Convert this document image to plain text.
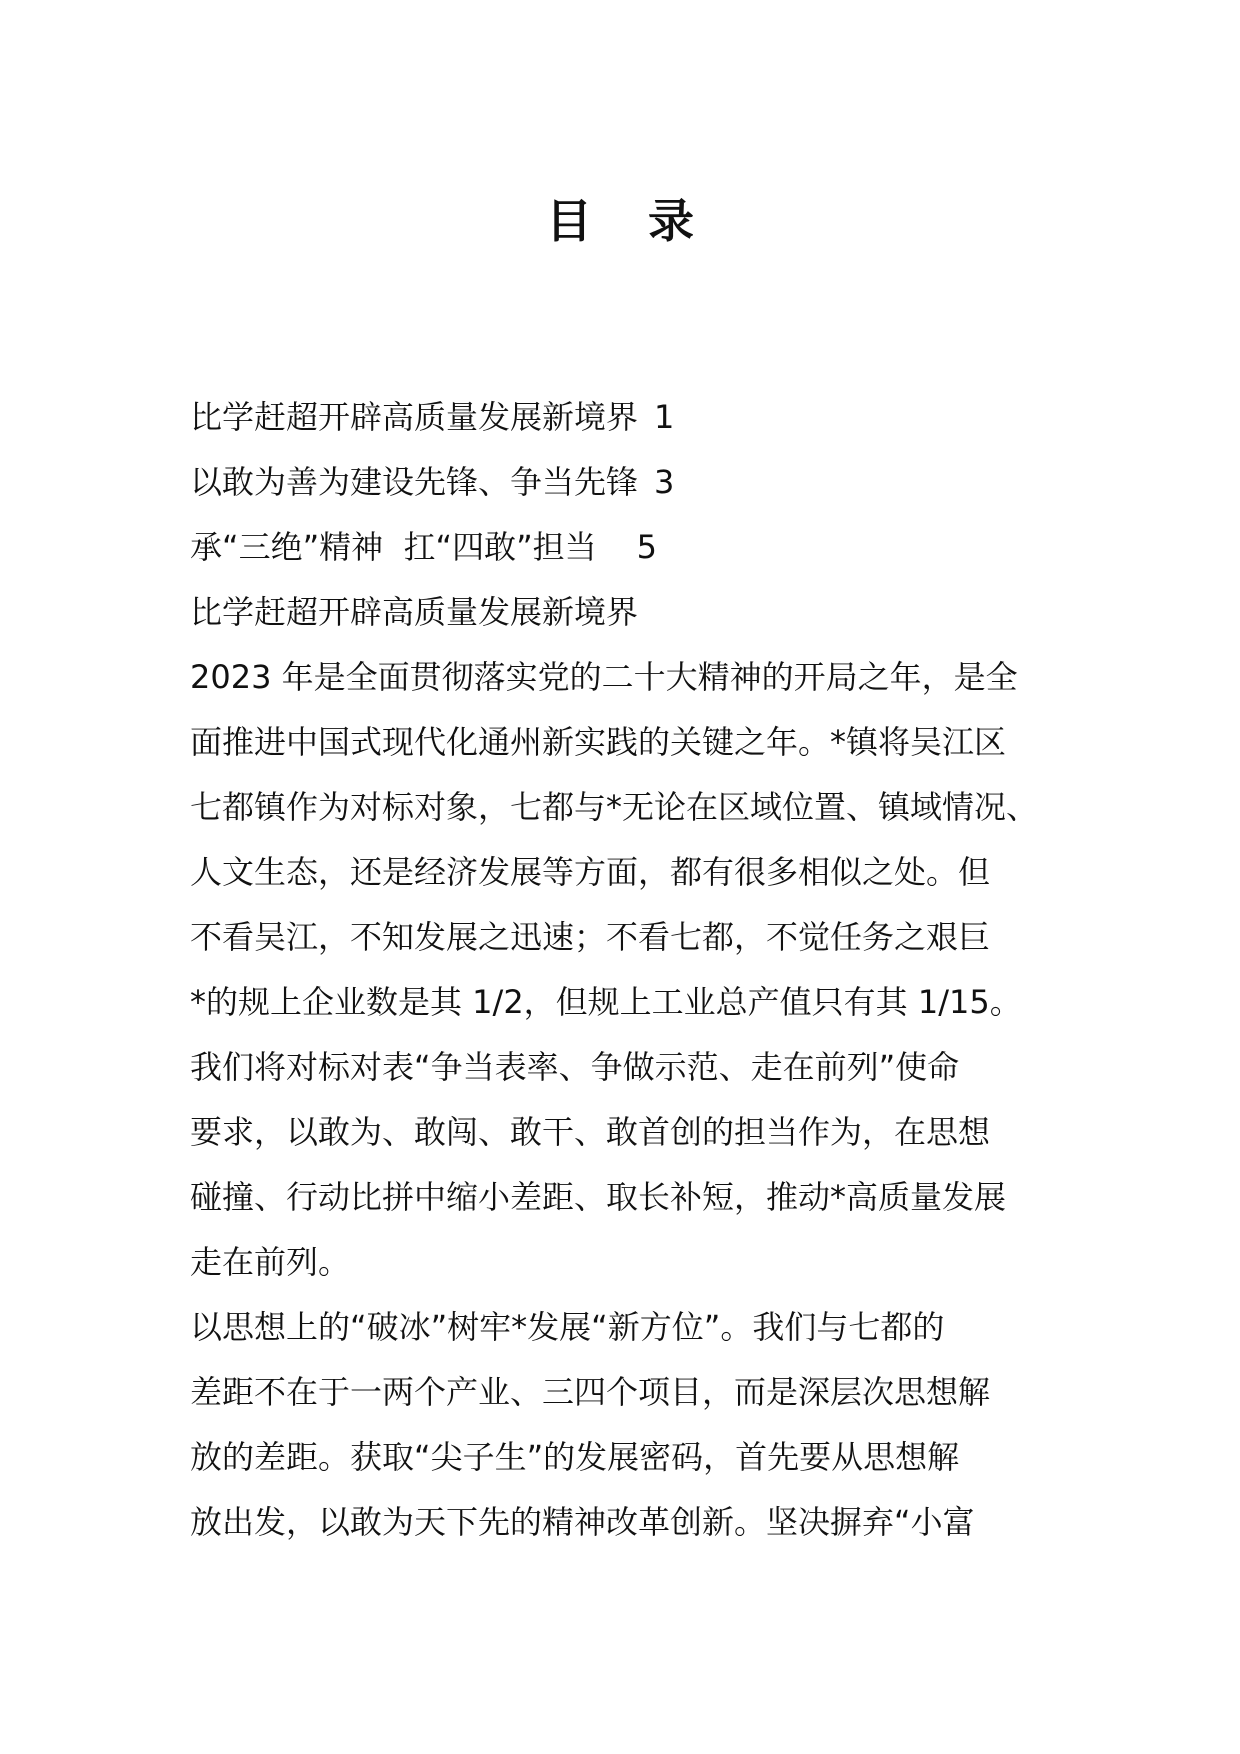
目 录
比学赶超开辟高质量发展新境界 1
以敢为善为建设先锋、争当先锋 3
承“三绝”精神  扛“四敢”担当 5
比学赶超开辟高质量发展新境界
2023 年是全面贯彻落实党的二十大精神的开局之年，是全
面推进中国式现代化通州新实践的关键之年。*镇将吴江区
七都镇作为对标对象，七都与*无论在区域位置、镇域情况、
人文生态，还是经济发展等方面，都有很多相似之处。但
不看吴江，不知发展之迅速；不看七都，不觉任务之艰巨
*的规上企业数是其 1/2，但规上工业总产值只有其 1/15。
我们将对标对表“争当表率、争做示范、走在前列”使命
要求，以敢为、敢闯、敢干、敢首创的担当作为，在思想
碰撞、行动比拼中缩小差距、取长补短，推动*高质量发展
走在前列。
以思想上的“破冰”树牢*发展“新方位”。我们与七都的
差距不在于一两个产业、三四个项目，而是深层次思想解
放的差距。获取“尖子生”的发展密码，首先要从思想解
放出发，以敢为天下先的精神改革创新。坚决摒弃“小富
